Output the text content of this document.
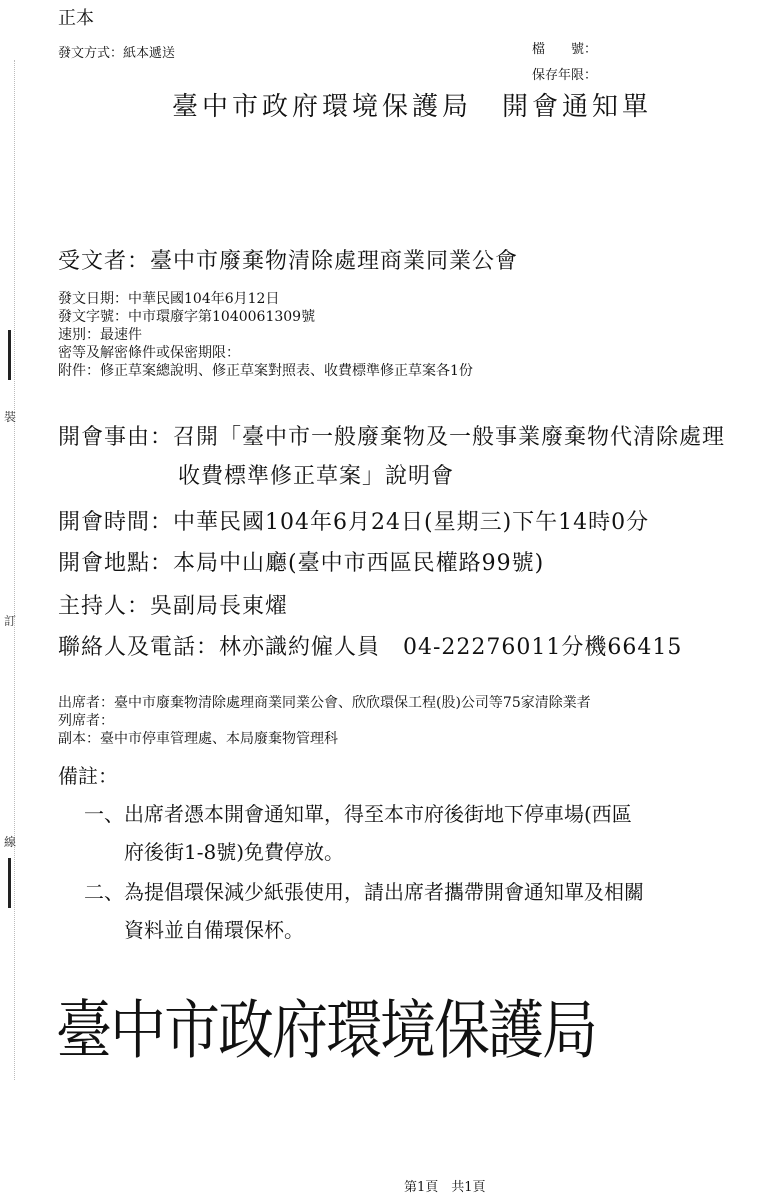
裝
訂
線
正本
發文方式：紙本遞送	檔　　號：
保存年限：
臺中市政府環境保護局　開會通知單
受文者：臺中市廢棄物清除處理商業同業公會
發文日期：中華民國104年6月12日
發文字號：中市環廢字第1040061309號
速別：最速件
密等及解密條件或保密期限：
附件：修正草案總說明、修正草案對照表、收費標準修正草案各1份
開會事由：召開「臺中市一般廢棄物及一般事業廢棄物代清除處理
收費標準修正草案」說明會
開會時間：中華民國104年6月24日(星期三)下午14時0分
開會地點：本局中山廳(臺中市西區民權路99號)
主持人：吳副局長東燿
聯絡人及電話：林亦識約僱人員　04-22276011分機66415
出席者：臺中市廢棄物清除處理商業同業公會、欣欣環保工程(股)公司等75家清除業者
列席者：
副本：臺中市停車管理處、本局廢棄物管理科
備註：
一、出席者憑本開會通知單，得至本市府後街地下停車場(西區
府後街1-8號)免費停放。
二、為提倡環保減少紙張使用，請出席者攜帶開會通知單及相關
資料並自備環保杯。
臺中市政府環境保護局
第1頁　共1頁
